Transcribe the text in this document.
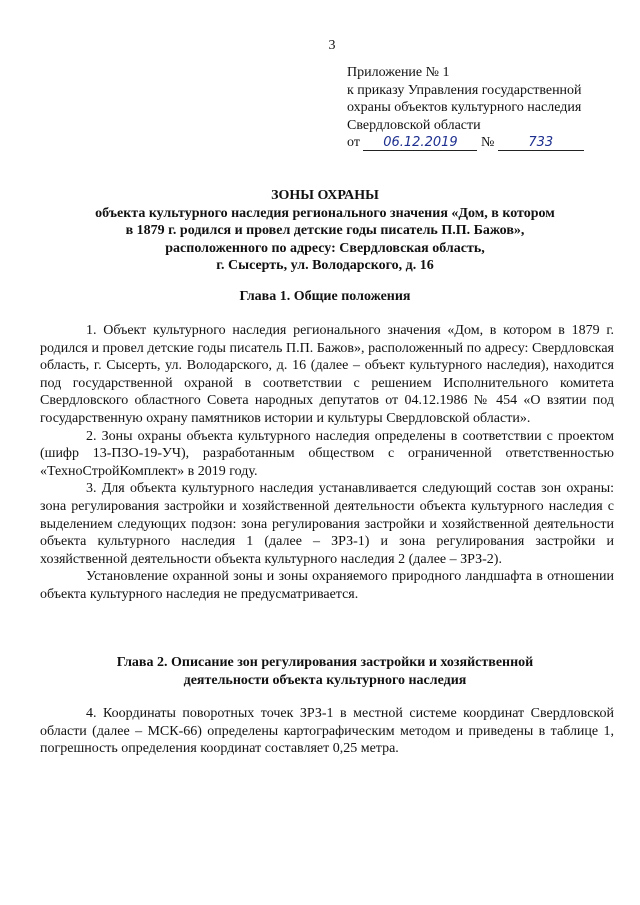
3
Приложение № 1
к приказу Управления государственной
охраны объектов культурного наследия
Свердловской области
от 06.12.2019 №	733
ЗОНЫ ОХРАНЫ
объекта культурного наследия регионального значения «Дом, в котором
в 1879 г. родился и провел детские годы писатель П.П. Бажов»,
расположенного по адресу: Свердловская область,
г. Сысерть, ул. Володарского, д. 16
Глава 1. Общие положения

1. Объект культурного наследия регионального значения «Дом, в котором в 1879 г. родился и провел детские годы писатель П.П. Бажов», расположенный по адресу: Свердловская область, г. Сысерть, ул. Володарского, д. 16 (далее – объект культурного наследия), находится под государственной охраной в соответствии с решением Исполнительного комитета Свердловского областного Совета народных депутатов от 04.12.1986 № 454 «О взятии под государственную охрану памятников истории и культуры Свердловской области».

2. Зоны охраны объекта культурного наследия определены в соответствии с проектом (шифр 13-ПЗО-19-УЧ), разработанным обществом с ограниченной ответственностью «ТехноСтройКомплект» в 2019 году.

3. Для объекта культурного наследия устанавливается следующий состав зон охраны: зона регулирования застройки и хозяйственной деятельности объекта культурного наследия с выделением следующих подзон: зона регулирования застройки и хозяйственной деятельности объекта культурного наследия 1 (далее – ЗРЗ-1) и зона регулирования застройки и хозяйственной деятельности объекта культурного наследия 2 (далее – ЗРЗ-2).

Установление охранной зоны и зоны охраняемого природного ландшафта в отношении объекта культурного наследия не предусматривается.

Глава 2. Описание зон регулирования застройки и хозяйственной
деятельности объекта культурного наследия

4. Координаты поворотных точек ЗРЗ-1 в местной системе координат Свердловской области (далее – МСК-66) определены картографическим методом и приведены в таблице 1, погрешность определения координат составляет 0,25 метра.
